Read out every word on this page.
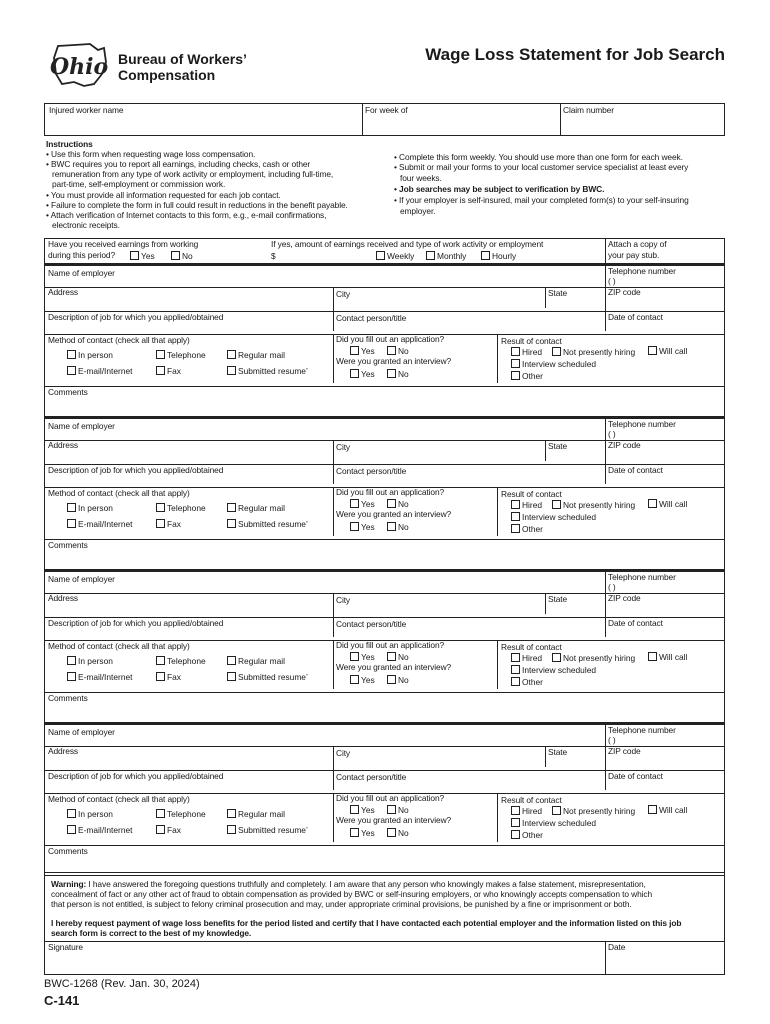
Ohio Bureau of Workers’
Compensation
Wage Loss Statement for Job Search
Injured worker name	For week of	Claim number

Instructions

• Use this form when requesting wage loss compensation.

• BWC requires you to report all earnings, including checks, cash or other

remuneration from any type of work activity or employment, including full-time,

part-time, self-employment or commission work.

• You must provide all information requested for each job contact.

• Failure to complete the form in full could result in reductions in the benefit payable.

• Attach verification of Internet contacts to this form, e.g., e-mail confirmations,

electronic receipts.

• Complete this form weekly. You should use more than one form for each week.

• Submit or mail your forms to your local customer service specialist at least every

four weeks.

• Job searches may be subject to verification by BWC.

• If your employer is self-insured, mail your completed form(s) to your self-insuring

employer.

Have you received earnings from working
during this period?	Yes	No
If yes, amount of earnings received and type of work activity or employment
$	Weekly	Monthly	Hourly
Attach a copy of
your pay stub.
Name of employer	Telephone number
( )
Address	City	State	ZIP code
Description of job for which you applied/obtained	Contact person/title	Date of contact
Method of contact (check all that apply)
In person	Telephone	Regular mail
E-mail/Internet	Fax	Submitted resume’
Did you fill out an application?
Yes	No
Were you granted an interview?
Yes	No
Result of contact
Hired	Not presently hiring	Will call
Interview scheduled
Other
Comments
Name of employer	Telephone number
( )
Address	City	State	ZIP code
Description of job for which you applied/obtained	Contact person/title	Date of contact
Method of contact (check all that apply)
In person	Telephone	Regular mail
E-mail/Internet	Fax	Submitted resume’
Did you fill out an application?
Yes	No
Were you granted an interview?
Yes	No
Result of contact
Hired	Not presently hiring	Will call
Interview scheduled
Other
Comments
Name of employer	Telephone number
( )
Address	City	State	ZIP code
Description of job for which you applied/obtained	Contact person/title	Date of contact
Method of contact (check all that apply)
In person	Telephone	Regular mail
E-mail/Internet	Fax	Submitted resume’
Did you fill out an application?
Yes	No
Were you granted an interview?
Yes	No
Result of contact
Hired	Not presently hiring	Will call
Interview scheduled
Other
Comments
Name of employer	Telephone number
( )
Address	City	State	ZIP code
Description of job for which you applied/obtained	Contact person/title	Date of contact
Method of contact (check all that apply)
In person	Telephone	Regular mail
E-mail/Internet	Fax	Submitted resume’
Did you fill out an application?
Yes	No
Were you granted an interview?
Yes	No
Result of contact
Hired	Not presently hiring	Will call
Interview scheduled
Other
Comments
Warning: I have answered the foregoing questions truthfully and completely. I am aware that any person who knowingly makes a false statement, misrepresentation,
concealment of fact or any other act of fraud to obtain compensation as provided by BWC or self-insuring employers, or who knowingly accepts compensation to which
that person is not entitled, is subject to felony criminal prosecution and may, under appropriate criminal provisions, be punished by a fine or imprisonment or both.
I hereby request payment of wage loss benefits for the period listed and certify that I have contacted each potential employer and the information listed on this job
search form is correct to the best of my knowledge.
Signature	Date
BWC-1268 (Rev. Jan. 30, 2024)
C-141
